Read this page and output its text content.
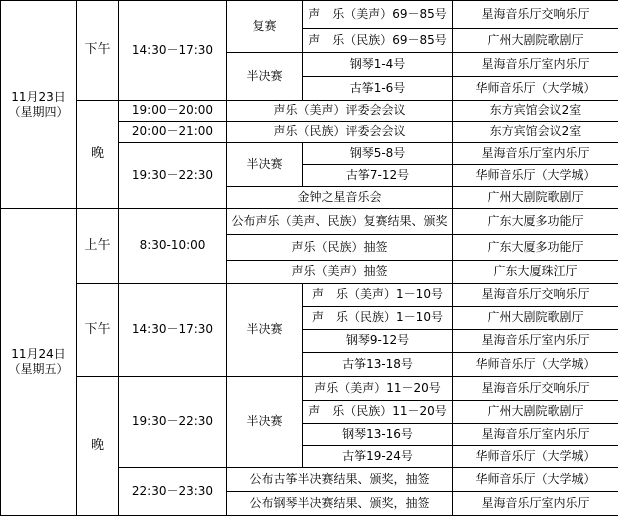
11月23日
（星期四）	下午	14:30－17:30	复赛	声　乐（美声）69－85号	星海音乐厅交响乐厅
				声　乐（民族）69－85号	广州大剧院歌剧厅
			半决赛	钢琴1-4号	星海音乐厅室内乐厅
				古筝1-6号	华师音乐厅（大学城）
	晚	19:00－20:00	声乐（美声）评委会会议		东方宾馆会议2室
		20:00－21:00	声乐（民族）评委会会议		东方宾馆会议2室
		19:30－22:30	半决赛	钢琴5-8号	星海音乐厅室内乐厅
				古筝7-12号	华师音乐厅（大学城）
			金钟之星音乐会		广州大剧院歌剧厅

11月24日
（星期五）	上午	8:30-10:00	公布声乐（美声、民族）复赛结果、颁奖		广东大厦多功能厅
			声乐（民族）抽签		广东大厦多功能厅
			声乐（美声）抽签		广东大厦珠江厅
	下午	14:30－17:30	半决赛	声　乐（美声）1－10号	星海音乐厅交响乐厅
				声　乐（民族）1－10号	广州大剧院歌剧厅
				钢琴9-12号	星海音乐厅室内乐厅
				古筝13-18号	华师音乐厅（大学城）
	晚	19:30－22:30	半决赛	声乐（美声）11－20号	星海音乐厅交响乐厅
				声　乐（民族）11－20号	广州大剧院歌剧厅
				钢琴13-16号	星海音乐厅室内乐厅
				古筝19-24号	华师音乐厅（大学城）
		22:30－23:30	公布古筝半决赛结果、颁奖，抽签		华师音乐厅（大学城）
			公布钢琴半决赛结果、颁奖，抽签		星海音乐厅室内乐厅
